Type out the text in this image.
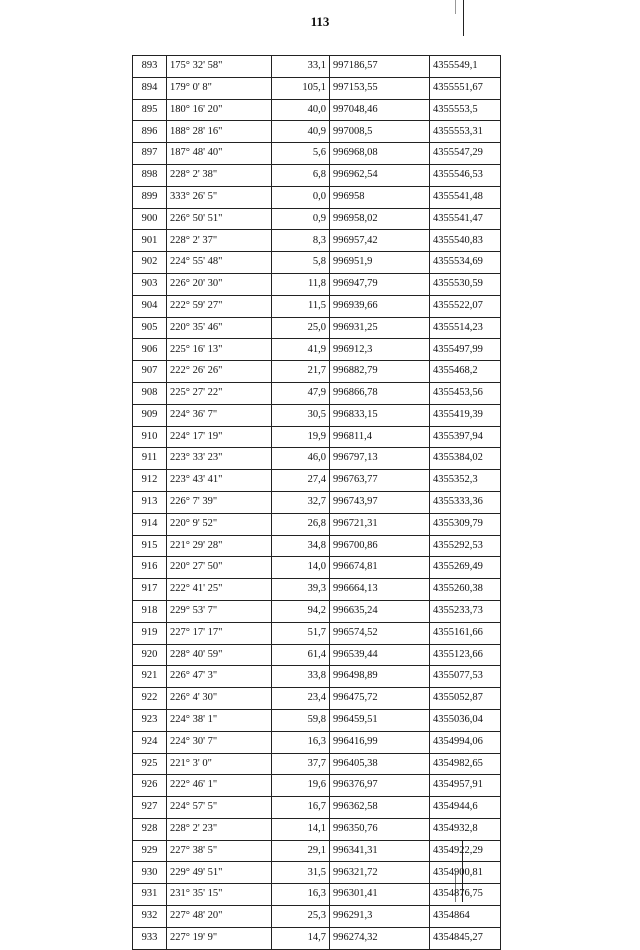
113
893	175° 32' 58"	33,1	997186,57	4355549,1
894	179° 0' 8"	105,1	997153,55	4355551,67
895	180° 16' 20"	40,0	997048,46	4355553,5
896	188° 28' 16"	40,9	997008,5	4355553,31
897	187° 48' 40"	5,6	996968,08	4355547,29
898	228° 2' 38"	6,8	996962,54	4355546,53
899	333° 26' 5"	0,0	996958	4355541,48
900	226° 50' 51"	0,9	996958,02	4355541,47
901	228° 2' 37"	8,3	996957,42	4355540,83
902	224° 55' 48"	5,8	996951,9	4355534,69
903	226° 20' 30"	11,8	996947,79	4355530,59
904	222° 59' 27"	11,5	996939,66	4355522,07
905	220° 35' 46"	25,0	996931,25	4355514,23
906	225° 16' 13"	41,9	996912,3	4355497,99
907	222° 26' 26"	21,7	996882,79	4355468,2
908	225° 27' 22"	47,9	996866,78	4355453,56
909	224° 36' 7"	30,5	996833,15	4355419,39
910	224° 17' 19"	19,9	996811,4	4355397,94
911	223° 33' 23"	46,0	996797,13	4355384,02
912	223° 43' 41"	27,4	996763,77	4355352,3
913	226° 7' 39"	32,7	996743,97	4355333,36
914	220° 9' 52"	26,8	996721,31	4355309,79
915	221° 29' 28"	34,8	996700,86	4355292,53
916	220° 27' 50"	14,0	996674,81	4355269,49
917	222° 41' 25"	39,3	996664,13	4355260,38
918	229° 53' 7"	94,2	996635,24	4355233,73
919	227° 17' 17"	51,7	996574,52	4355161,66
920	228° 40' 59"	61,4	996539,44	4355123,66
921	226° 47' 3"	33,8	996498,89	4355077,53
922	226° 4' 30"	23,4	996475,72	4355052,87
923	224° 38' 1"	59,8	996459,51	4355036,04
924	224° 30' 7"	16,3	996416,99	4354994,06
925	221° 3' 0"	37,7	996405,38	4354982,65
926	222° 46' 1"	19,6	996376,97	4354957,91
927	224° 57' 5"	16,7	996362,58	4354944,6
928	228° 2' 23"	14,1	996350,76	4354932,8
929	227° 38' 5"	29,1	996341,31	4354922,29
930	229° 49' 51"	31,5	996321,72	4354900,81
931	231° 35' 15"	16,3	996301,41	4354876,75
932	227° 48' 20"	25,3	996291,3	4354864
933	227° 19' 9"	14,7	996274,32	4354845,27
